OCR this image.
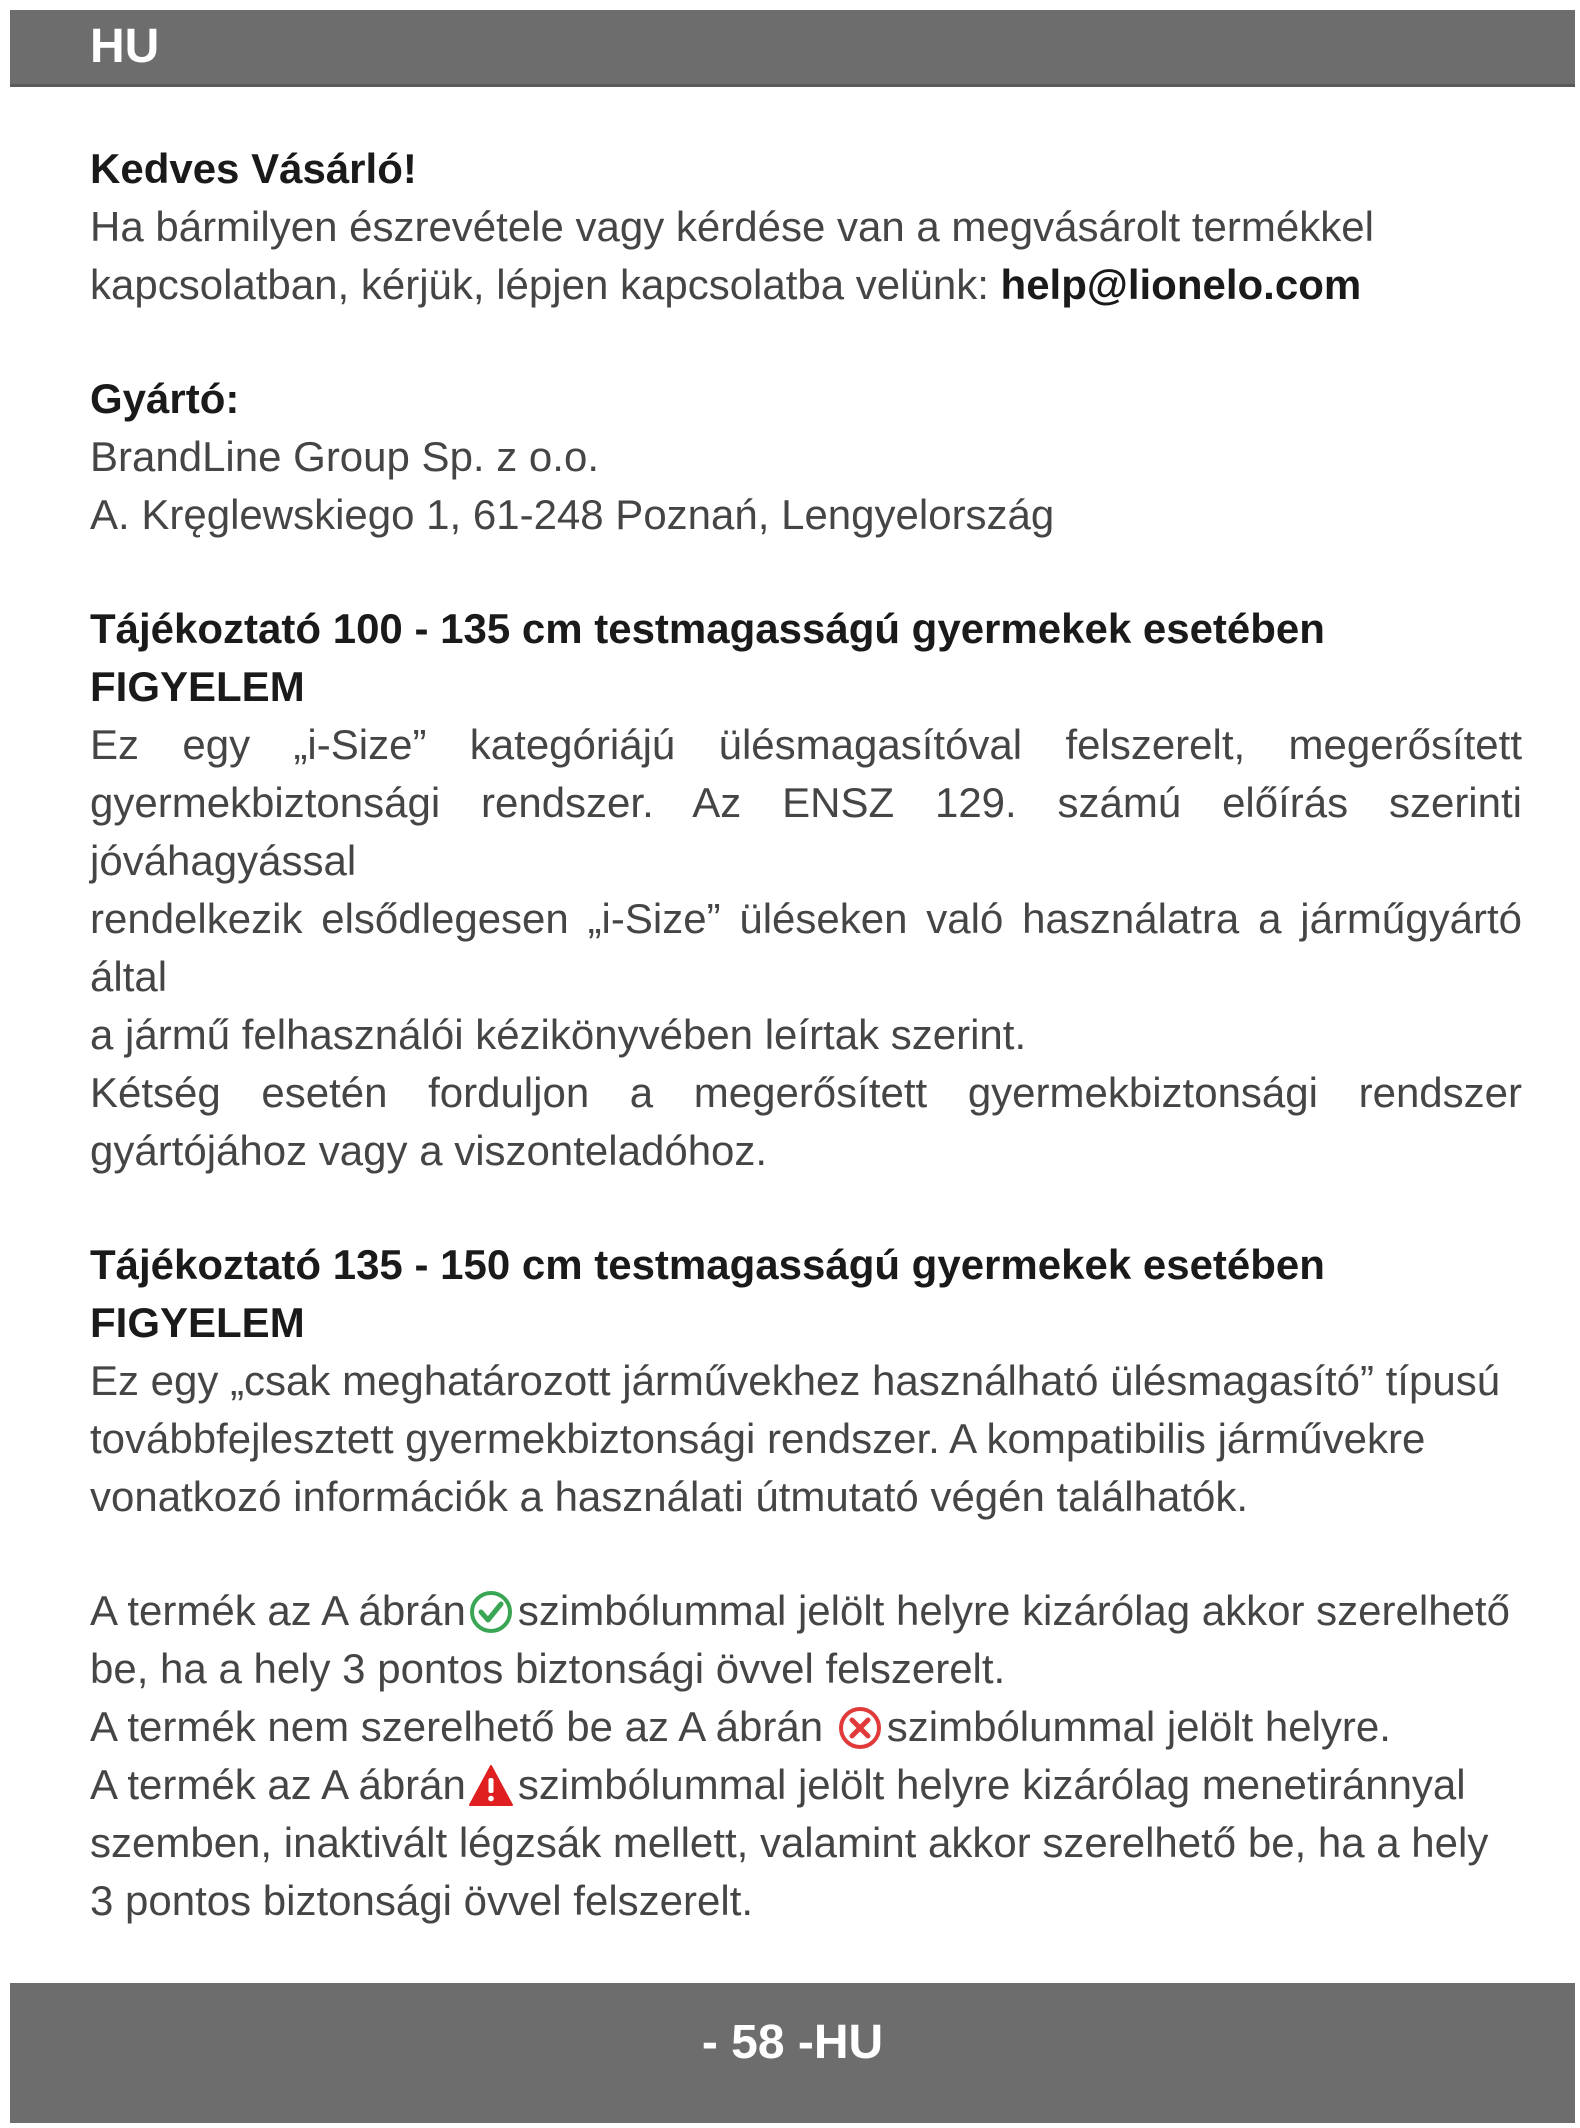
HU

Kedves Vásárló!

Ha bármilyen észrevétele vagy kérdése van a megvásárolt termékkel kapcsolatban, kérjük, lépjen kapcsolatba velünk: help@lionelo.com

Gyártó:

BrandLine Group Sp. z o.o.

A. Kręglewskiego 1, 61-248 Poznań, Lengyelország

Tájékoztató 100 - 135 cm testmagasságú gyermekek esetében

FIGYELEM

Ez egy „i-Size” kategóriájú ülésmagasítóval felszerelt, megerősített

gyermekbiztonsági rendszer. Az ENSZ 129. számú előírás szerinti jóváhagyással

rendelkezik elsődlegesen „i-Size” üléseken való használatra a járműgyártó által

a jármű felhasználói kézikönyvében leírtak szerint.

Kétség esetén forduljon a megerősített gyermekbiztonsági rendszer

gyártójához vagy a viszonteladóhoz.

Tájékoztató 135 - 150 cm testmagasságú gyermekek esetében

FIGYELEM

Ez egy „csak meghatározott járművekhez használható ülésmagasító” típusú

továbbfejlesztett gyermekbiztonsági rendszer. A kompatibilis járművekre

vonatkozó információk a használati útmutató végén találhatók.

A termék az A ábrán szimbólummal jelölt helyre kizárólag akkor szerelhető

be, ha a hely 3 pontos biztonsági övvel felszerelt.

A termék nem szerelhető be az A ábrán szimbólummal jelölt helyre.

A termék az A ábrán szimbólummal jelölt helyre kizárólag menetiránnyal

szemben, inaktivált légzsák mellett, valamint akkor szerelhető be, ha a hely

3 pontos biztonsági övvel felszerelt.

- 58 -HU
